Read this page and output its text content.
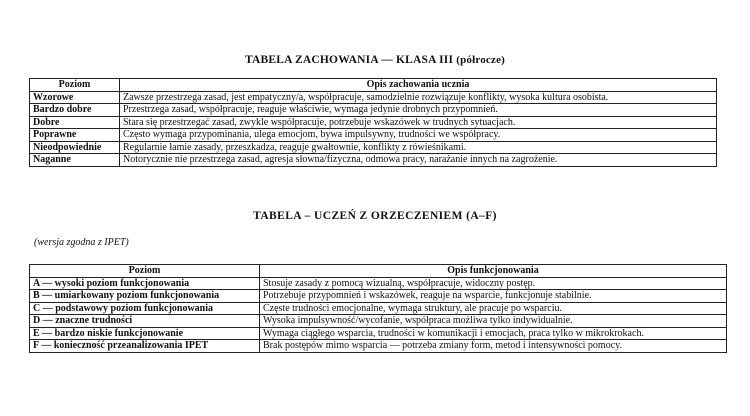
TABELA ZACHOWANIA — KLASA III (półrocze)
Poziom	Opis zachowania ucznia
Wzorowe	Zawsze przestrzega zasad, jest empatyczny/a, współpracuje, samodzielnie rozwiązuje konflikty, wysoka kultura osobista.
Bardzo dobre	Przestrzega zasad, współpracuje, reaguje właściwie, wymaga jedynie drobnych przypomnień.
Dobre	Stara się przestrzegać zasad, zwykle współpracuje, potrzebuje wskazówek w trudnych sytuacjach.
Poprawne	Często wymaga przypominania, ulega emocjom, bywa impulsywny, trudności we współpracy.
Nieodpowiednie	Regularnie łamie zasady, przeszkadza, reaguje gwałtownie, konflikty z rówieśnikami.
Naganne	Notorycznie nie przestrzega zasad, agresja słowna/fizyczna, odmowa pracy, narażanie innych na zagrożenie.
TABELA – UCZEŃ Z ORZECZENIEM (A–F)
(wersja zgodna z IPET)
Poziom	Opis funkcjonowania
A — wysoki poziom funkcjonowania	Stosuje zasady z pomocą wizualną, współpracuje, widoczny postęp.
B — umiarkowany poziom funkcjonowania	Potrzebuje przypomnień i wskazówek, reaguje na wsparcie, funkcjonuje stabilnie.
C — podstawowy poziom funkcjonowania	Częste trudności emocjonalne, wymaga struktury, ale pracuje po wsparciu.
D — znaczne trudności	Wysoka impulsywność/wycofanie, współpraca możliwa tylko indywidualnie.
E — bardzo niskie funkcjonowanie	Wymaga ciągłego wsparcia, trudności w komunikacji i emocjach, praca tylko w mikrokrokach.
F — konieczność przeanalizowania IPET	Brak postępów mimo wsparcia — potrzeba zmiany form, metod i intensywności pomocy.
